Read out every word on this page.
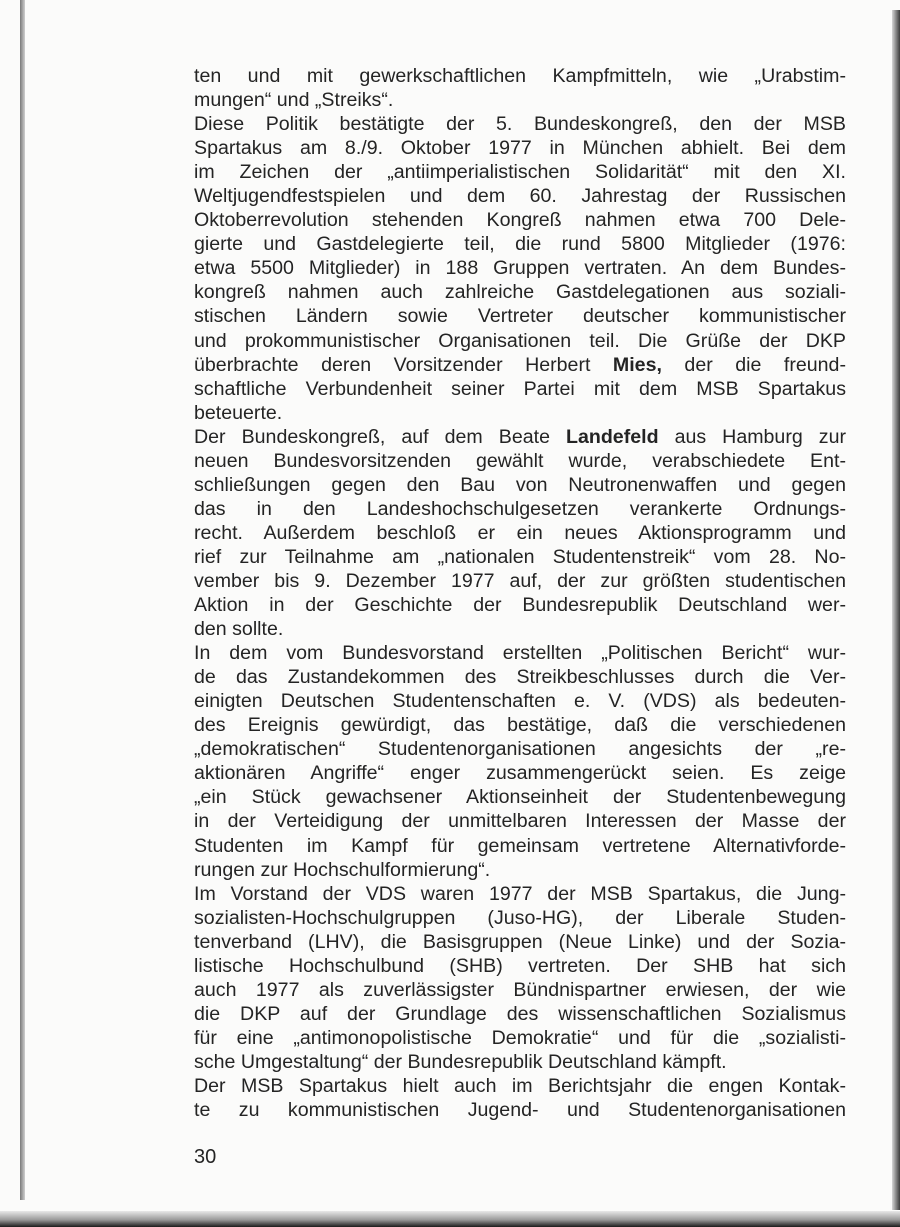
ten und mit gewerkschaftlichen Kampfmitteln, wie „Urabstim-
mungen“ und „Streiks“.
Diese Politik bestätigte der 5. Bundeskongreß, den der MSB
Spartakus am 8./9. Oktober 1977 in München abhielt. Bei dem
im Zeichen der „antiimperialistischen Solidarität“ mit den XI.
Weltjugendfestspielen und dem 60. Jahrestag der Russischen
Oktoberrevolution stehenden Kongreß nahmen etwa 700 Dele-
gierte und Gastdelegierte teil, die rund 5800 Mitglieder (1976:
etwa 5500 Mitglieder) in 188 Gruppen vertraten. An dem Bundes-
kongreß nahmen auch zahlreiche Gastdelegationen aus soziali-
stischen Ländern sowie Vertreter deutscher kommunistischer
und prokommunistischer Organisationen teil. Die Grüße der DKP
überbrachte deren Vorsitzender Herbert Mies, der die freund-
schaftliche Verbundenheit seiner Partei mit dem MSB Spartakus
beteuerte.
Der Bundeskongreß, auf dem Beate Landefeld aus Hamburg zur
neuen Bundesvorsitzenden gewählt wurde, verabschiedete Ent-
schließungen gegen den Bau von Neutronenwaffen und gegen
das in den Landeshochschulgesetzen verankerte Ordnungs-
recht. Außerdem beschloß er ein neues Aktionsprogramm und
rief zur Teilnahme am „nationalen Studentenstreik“ vom 28. No-
vember bis 9. Dezember 1977 auf, der zur größten studentischen
Aktion in der Geschichte der Bundesrepublik Deutschland wer-
den sollte.
In dem vom Bundesvorstand erstellten „Politischen Bericht“ wur-
de das Zustandekommen des Streikbeschlusses durch die Ver-
einigten Deutschen Studentenschaften e. V. (VDS) als bedeuten-
des Ereignis gewürdigt, das bestätige, daß die verschiedenen
„demokratischen“ Studentenorganisationen angesichts der „re-
aktionären Angriffe“ enger zusammengerückt seien. Es zeige
„ein Stück gewachsener Aktionseinheit der Studentenbewegung
in der Verteidigung der unmittelbaren Interessen der Masse der
Studenten im Kampf für gemeinsam vertretene Alternativforde-
rungen zur Hochschulformierung“.
Im Vorstand der VDS waren 1977 der MSB Spartakus, die Jung-
sozialisten-Hochschulgruppen (Juso-HG), der Liberale Studen-
tenverband (LHV), die Basisgruppen (Neue Linke) und der Sozia-
listische Hochschulbund (SHB) vertreten. Der SHB hat sich
auch 1977 als zuverlässigster Bündnispartner erwiesen, der wie
die DKP auf der Grundlage des wissenschaftlichen Sozialismus
für eine „antimonopolistische Demokratie“ und für die „sozialisti-
sche Umgestaltung“ der Bundesrepublik Deutschland kämpft.
Der MSB Spartakus hielt auch im Berichtsjahr die engen Kontak-
te zu kommunistischen Jugend- und Studentenorganisationen
30
